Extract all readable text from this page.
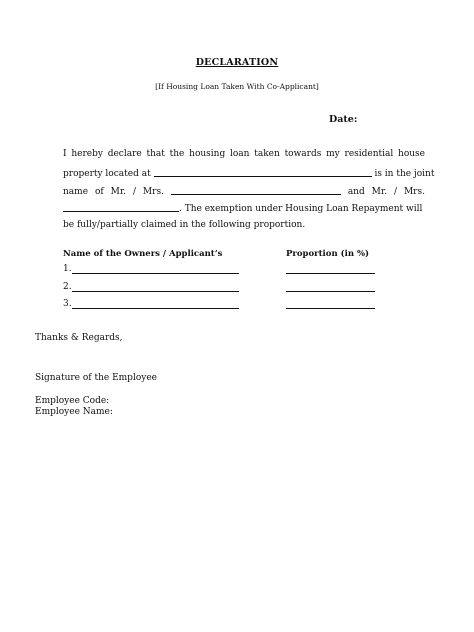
DECLARATION
[If Housing Loan Taken With Co-Applicant]
Date:
I hereby declare that the housing loan taken towards my residential house
property located at	is in the joint
name of Mr. / Mrs.	and Mr. / Mrs.
. The exemption under Housing Loan Repayment will
be fully/partially claimed in the following proportion.
Name of the Owners / Applicant’s	Proportion (in %)
1.
2.
3.
Thanks & Regards,
Signature of the Employee
Employee Code:
Employee Name:
